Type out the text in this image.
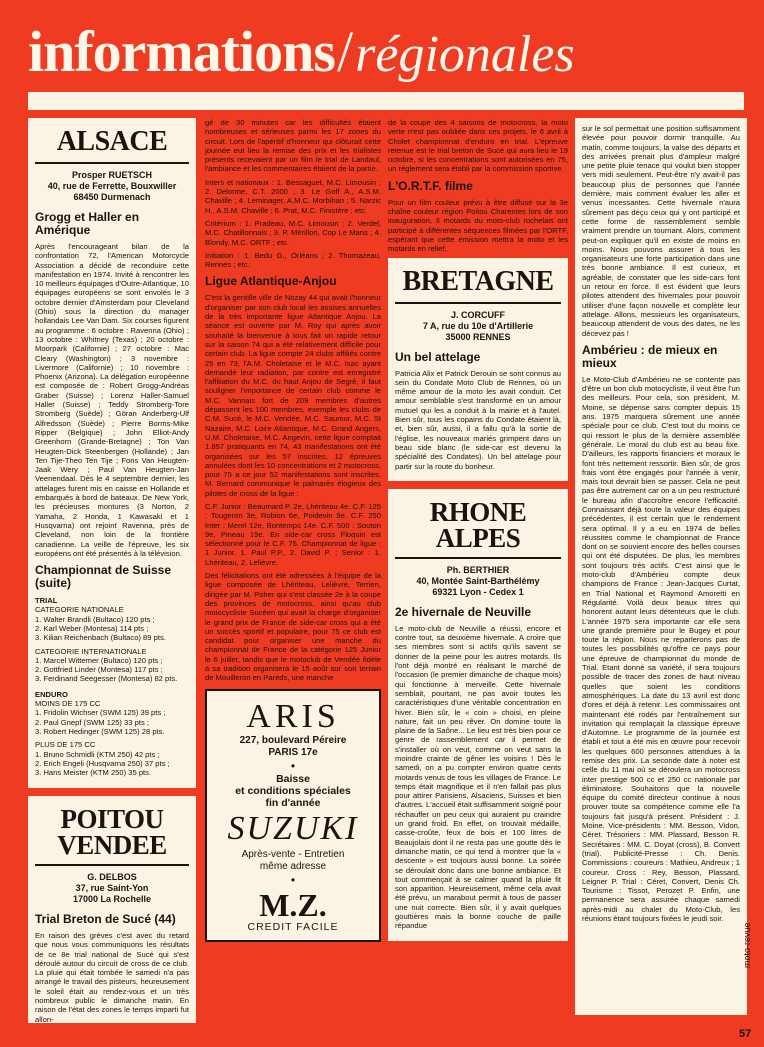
informations/régionales
ALSACE
Prosper RUETSCH
40, rue de Ferrette, Bouxwiller
68450 Durmenach
Grogg et Haller en Amérique

Après l'encourageant bilan de la confrontation 72, l'American Motorcycle Association a décidé de reconduire cette manifestation en 1974. Invité à rencontrer les 10 meilleurs équipages d'Outre-Atlantique, 10 équipages européens se sont envolés le 3 octobre dernier d'Amsterdam pour Cleveland (Ohio) sous la direction du manager hollandais Lee Van Dam. Six courses figurent au programme : 6 octobre : Ravenna (Ohio) ; 13 octobre : Whitney (Texas) ; 20 octobre : Moorpark (Californie) ; 27 octobre : Mac Cleary (Washington) ; 3 novembre : Livermore (Californie) ; 10 novembre : Phoenix (Arizona). La délégation européenne est composée de : Robert Grogg-Andréas Graber (Suisse) ; Lorenz Haller-Samuel Haller (Suisse) ; Teddy Stromberg-Tore Stromberg (Suède) ; Göran Anderberg-Ulf Alfredsson (Suède) ; Pierre Borms-Mike Ripper (Belgique) ; John Elliot-Andy Greenhorn (Grande-Bretagne) ; Ton Van Heugten-Dick Steenbergen (Hollande) ; Jan Ten Tije-Theo Ten Tije ; Fons Van Heugten-Jaak Wery ; Paul Van Heugten-Jan Veenendaal. Dès le 4 septembre dernier, les attelages furent mis en caisse en Hollande et embarqués à bord de bateaux. De New York, les précieuses montures (3 Norton, 2 Yamaha, 2 Honda, 1 Kawasaki et 1 Husqvarna) ont rejoint Ravenna, près de Cleveland, non loin de la frontière canadienne. La veille de l'épreuve, les six européens ont été présentés à la télévision.

Championnat de Suisse (suite)
TRIAL
CATEGORIE NATIONALE
1. Walter Brandli (Bultaco) 120 pts ;
2. Karl Weber (Montesa) 114 pts ;
3. Kilian Reichenbach (Bultaco) 89 pts.
CATEGORIE INTERNATIONALE
1. Marcel Wittemer (Bultaco) 120 pts ;
2. Gottfried Linder (Montesa) 117 pts ;
3. Ferdinand Seegesser (Montesa) 82 pts.
ENDURO
MOINS DE 175 CC
1. Fridolin Wichser (SWM 125) 39 pts ;
2. Paul Gnepf (SWM 125) 33 pts ;
3. Robert Hedinger (SWM 125) 28 pts.
PLUS DE 175 CC
1. Bruno Schmidli (KTM 250) 42 pts ;
2. Erich Engeli (Husqvarna 250) 37 pts ;
3. Hans Meister (KTM 250) 35 pts.
POITOU VENDEE
G. DELBOS
37, rue Saint-Yon
17000 La Rochelle
Trial Breton de Sucé (44)

En raison des grèves c'est avec du retard que nous vous communiquons les résultats de ce 8e trial national de Sucé qui s'est déroulé autour du circuit de cross de ce club. La pluie qui était tombée le samedi n'a pas arrangé le travail des pisteurs, heureusement le soleil était au rendez-vous et un très nombreux public le dimanche matin. En raison de l'état des zones le temps imparti fut allon-

gé de 30 minutes car les difficultés étaient nombreuses et sérieuses parmi les 17 zones du circuit. Lors de l'apéritif d'honneur qui clôturait cette journée eut lieu la remise des prix et les trialistes présents recevaient par un film le trial de Landaul, l'ambiance et les commentaires étaient de la partie.

Inters et nationaux : 1. Bessaguet, M.C. Limousin ; 2. Delorme, C.T. 2000 ; 3. Le Goff A., A.S.M. Chaville ; 4. Leminager, A.M.C. Morbihan ; 5. Narzic H., A.S.M. Chaville ; 6. Prat, M.C. Finistère ; etc.

Critérium : 1. Pradeau, M.C. Limousin ; 2. Verdel, M.C. Chatillonnais ; 3. P. Mérillon, Cop Le Mans ; 4. Blondy, M.C. ORTF ; etc.

Initiation : 1. Bedu G., Orléans ; 2. Thomazeau, Rennes ; etc.

Ligue Atlantique-Anjou

C'est la gentille ville de Nozay 44 qui avait l'honneur d'organiser par son club local les assises annuelles de la très importante ligue Atlantique Anjou. La séance est ouverte par M. Roy qui après avoir souhaité la bienvenue à tous fait un rapide retour sur la saison 74 qui a été relativement difficile pour certain club. La ligue compte 24 clubs affiliés contre 25 en 73, l'A.M. Choletaise et le M.C. Isac ayant demandé leur radiation, par contre est enregistré l'affiliation du M.C. du haut Anjou de Segré, il faut souligner l'importance de certain club comme le M.C. Vannais fort de 209 membres d'autres dépassent les 100 membres, exemple les clubs de C.M. Sucé, le M.C. Vendée, M.C. Saumur, M.C. St Nazaire, M.C. Loire Atlantique, M.C. Grand Angers, U.M. Choletaise, M.C. Angevin, cette ligue comptait 1.857 pratiquants en 74, 43 manifestations ont été organisées sur les 57 inscrites, 12 épreuves annulées dont les 10 concentrations et 2 motocross, pour 75 a ce jour 52 manifestations sont inscrites. M. Bernard communique le palmarès élogieux des pilotes de cross de la ligue :

C.F. Junior : Beaumard P. 2e, Lhériteau 4e. C.F. 125 : Tougeron 3e, Robion 6e, Poidevin 9e. C.F. 250 Inter : Merel 12e, Bontemps 14e. C.F. 500 : Souton 9e, Pineau 19e. En side-car cross Floquin est sélectionné pour le C.F. 75. Championnat de ligue : 1 Junior. 1. Paul P.P., 2. David P. ; Senior : 1. Lhériteau, 2. Lelièvre.

Des félicitations ont été adressées à l'équipe de la ligue composée de Lhériteau, Lelièvre, Terrien, dirigée par M. Poher qui s'est classée 2e à la coupe des provinces de motocross, ainsi qu'au club motocycliste Sucéen qui avait la charge d'organiser le grand prix de France de side-car cross qui a été un succès sportif et populaire, pour 75 ce club est candidat pour organiser une manche du championnat de France de la catégorie 125 Junior le 6 juillet, tandis que le motoclub de Vendée fidèle à sa tradition organisera le 15 août sur son terrain de Mouilleron en Pareds, une manche

ARIS
227, boulevard Péreire
PARIS 17e
•
Baisse
et conditions spéciales
fin d'année
SUZUKI
Après-vente - Entretien
même adresse
•
M.Z.
CREDIT FACILE

de la coupe des 4 saisons de motocross, la moto verte n'est pas oubliée dans ces projets, le 6 avril à Cholet championnat d'enduro en trial. L'épreuve retenue est le trial breton de Sucé qui aura lieu le 19 octobre, si les concentrations sont autorisées en 75, un règlement sera établi par la commission sportive.

L'O.R.T.F. filme

Pour un film couleur prévu à être diffusé sur la 3e chaîne couleur région Poitou Charentes lors de son inauguration, 3 motards du moto-club rochelais ont participé à différentes séquences filmées par l'ORTF, espérant que cette émission mettra la moto et les motards en relief.

BRETAGNE
J. CORCUFF
7 A, rue du 10e d'Artillerie
35000 RENNES
Un bel attelage

Patricia Alix et Patrick Derouin se sont connus au sein du Condate Moto Club de Rennes, où un même amour de la moto les avait conduit. Cet amour semblable s'est transformé en un amour mutuel qui les a conduit à la mairie et à l'autel. Bien sûr, tous les copains du Condate étaient là, et, bien sûr, aussi, il a fallu qu'à la sortie de l'église, les nouveaux mariés grimpent dans un beau side blanc (le side-car est devenu la spécialité des Condates). Un bel attelage pour partir sur la route du bonheur.

RHONE ALPES
Ph. BERTHIER
40, Montée Saint-Barthélémy
69321 Lyon - Cedex 1
2e hivernale de Neuville

Le moto-club de Neuville a réussi, encore et contre tout, sa deuxième hivernale. A croire que ses membres sont si actifs qu'ils savent se donner de la peine pour les autres motards. Ils l'ont déjà montré en réalisant le marché de l'occasion (le premier dimanche de chaque mois) qui fonctionne à merveille. Cette hivernale semblait, pourtant, ne pas avoir toutes les caractéristiques d'une véritable concentration en hiver. Bien sûr, le « coin » choisi, en pleine nature, fait un peu rêver. On domine toute la plaine de la Saône... Le lieu est très bien pour ce genre de rassemblement car il permet de s'installer où on veut, comme on veut sans la moindre crainte de gêner les voisins ! Dès le samedi, on a pu compter environ quatre cents motards venus de tous les villages de France. Le temps était magnifique et il n'en fallait pas plus pour attirer Parisiens, Alsaciens, Suisses et bien d'autres. L'accueil était suffisamment soigné pour réchauffer un peu ceux qui auraient pu craindre un grand froid. En effet, on trouvait médaille, casse-croûte, feux de bois et 100 litres de Beaujolais dont il ne resta pas une goutte dès le dimanche matin, ce qui tend à montrer que la « descente » est toujours aussi bonne. La soirée se déroulait donc dans une bonne ambiance. Et tout commençait à se calmer quand la pluie fit son apparition. Heureusement, même cela avait été prévu, un marabout permit à tous de passer une nuit correcte. Bien sûr, il y avait quelques gouttières mais la bonne couche de paille répandue

sur le sol permettait une position suffisamment élevée pour pouvoir dormir tranquille. Au matin, comme toujours, la valse des départs et des arrivées prenait plus d'ampleur malgré une petite pluie tenace qui voulut bien stopper vers midi seulement. Peut-être n'y avait-il pas beaucoup plus de personnes que l'année dernière, mais comment évaluer les aller et venus incessantes. Cette hivernale n'aura sûrement pas déçu ceux qui y ont participé et cette forme de rassemblement semble vraiment prendre un tournant. Alors, comment peut-on expliquer qu'il en existe de moins en moins. Nous pouvons assurer à tous les organisateurs une forte participation dans une très bonne ambiance. Il est curieux, et agréable, de constater que les side-cars font un retour en force. Il est évident que leurs pilotes attendent des hivernales pour pouvoir utiliser d'une façon nouvelle et complète leur attelage. Allons, messieurs les organisateurs, beaucoup attendent de vous des dates, ne les décevez pas !

Ambérieu : de mieux en mieux

Le Moto-Club d'Ambérieu ne se contente pas d'être un bon club motocycliste, il veut être l'un des meilleurs. Pour cela, son président, M. Moine, se dépense sans compter depuis 15 ans. 1975 marquera sûrement une année spéciale pour ce club. C'est tout du moins ce qui ressort le plus de la dernière assemblée générale. Le moral du club est au beau fixe. D'ailleurs, les rapports financiers et moraux le font très nettement ressortir. Bien sûr, de gros frais vont être engagés pour l'année à venir, mais tout devrait bien se passer. Cela ne peut pas être autrement car on a un peu restructuré le bureau afin d'accroître encore l'efficacité. Connaissant déjà toute la valeur des équipes précédentes, il est certain que le rendement sera optimal. Il y a eu en 1974 de belles réussites comme le championnat de France dont on se souvient encore des belles courses qui ont été disputées. De plus, les membres sont toujours très actifs. C'est ainsi que le moto-club d'Ambérieu compte deux champions de France : Jean-Jacques Curtat, en Trial National et Raymond Amoretti en Régularité. Voilà deux beaux titres qui honorent autant leurs détenteurs que le club. L'année 1975 sera importante car elle sera une grande première pour le Bugey et pour toute la région. Nous ne reparlerons pas de toutes les possibilités qu'offre ce pays pour une épreuve de championnat du monde de Trial. Etant donné sa variété, il sera toujours possible de tracer des zones de haut niveau quelles que soient les conditions atmosphériques. La date du 13 avril est donc d'ores et déjà à retenir. Les commissaires ont maintenant été rodés par l'entraînement sur invitation qui remplaçait la classique épreuve d'Automne. Le programme de la journée est établi et tout a été mis en œuvre pour recevoir les quelques 600 personnes attendues à la remise des prix. La seconde date à noter est celle du 11 mai où se déroulera un motocross inter prestige 500 cc et 250 cc nationale par éliminatoire. Souhaitons que la nouvelle équipe du comité directeur continue à nous prouver toute sa compétence comme elle l'a toujours fait jusqu'à présent. Président : J. Moine. Vice-présidents : MM. Besson, Vidon, Céret. Trésoriers : MM. Plassard, Besson R. Secrétaires : MM. C. Doyat (cross), B. Convert (trial). Publicité-Presse : Ch. Denis. Commissions : coureurs : Mathieu, Andreux ; 1 coureur. Cross : Rey, Besson, Plassard, Leigner P. Trial : Céret, Convert, Denis Ch. Tourisme : Tissot, Perozet P. Enfin, une permanence sera assurée chaque samedi après-midi au chalet du Moto-Club, les réunions étant toujours fixées le jeudi soir.

moto-revue
57
